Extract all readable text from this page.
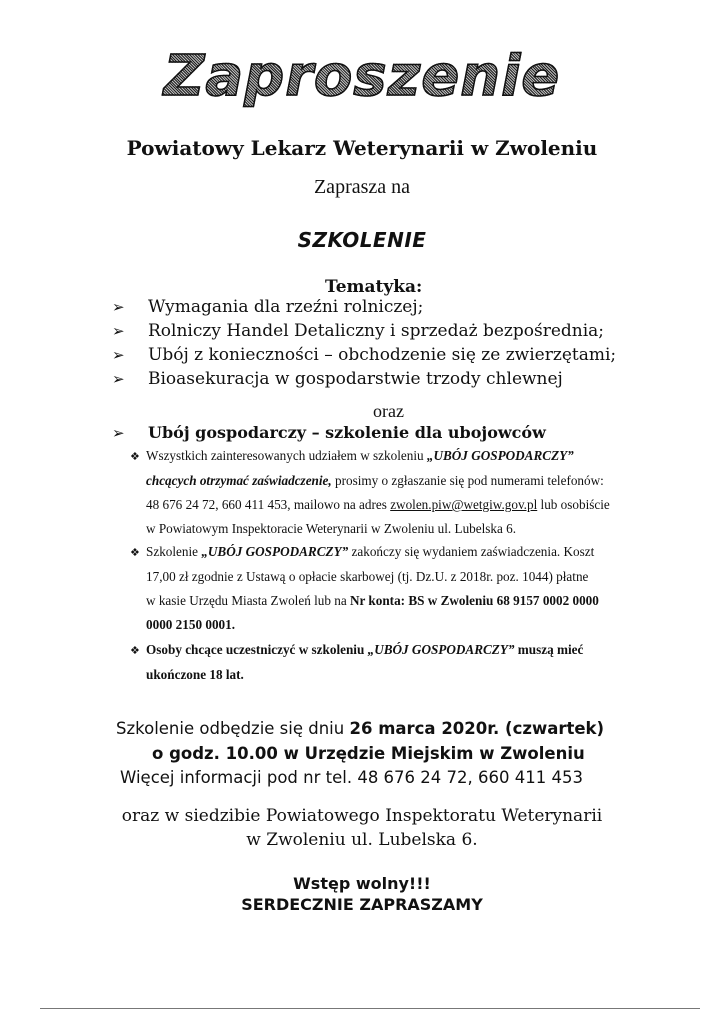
Zaproszenie
Powiatowy Lekarz Weterynarii w Zwoleniu
Zaprasza na
SZKOLENIE
Tematyka:
➢ Wymagania dla rzeźni rolniczej;
➢ Rolniczy Handel Detaliczny i sprzedaż bezpośrednia;
➢ Ubój z konieczności – obchodzenie się ze zwierzętami;
➢ Bioasekuracja w gospodarstwie trzody chlewnej
oraz
➢ Ubój gospodarczy – szkolenie dla ubojowców
❖ Wszystkich zainteresowanych udziałem w szkoleniu „UBÓJ GOSPODARCZY”
chcących otrzymać zaświadczenie, prosimy o zgłaszanie się pod numerami telefonów:
48 676 24 72, 660 411 453, mailowo na adres zwolen.piw@wetgiw.gov.pl lub osobiście
w Powiatowym Inspektoracie Weterynarii w Zwoleniu ul. Lubelska 6.
❖ Szkolenie „UBÓJ GOSPODARCZY” zakończy się wydaniem zaświadczenia. Koszt
17,00 zł zgodnie z Ustawą o opłacie skarbowej (tj. Dz.U. z 2018r. poz. 1044) płatne
w kasie Urzędu Miasta Zwoleń lub na Nr konta: BS w Zwoleniu 68 9157 0002 0000
0000 2150 0001.
❖ Osoby chcące uczestniczyć w szkoleniu „UBÓJ GOSPODARCZY” muszą mieć
ukończone 18 lat.
Szkolenie odbędzie się dniu 26 marca 2020r. (czwartek)
o godz. 10.00 w Urzędzie Miejskim w Zwoleniu
Więcej informacji pod nr tel. 48 676 24 72, 660 411 453
oraz w siedzibie Powiatowego Inspektoratu Weterynarii
w Zwoleniu ul. Lubelska 6.
Wstęp wolny!!!
SERDECZNIE ZAPRASZAMY
